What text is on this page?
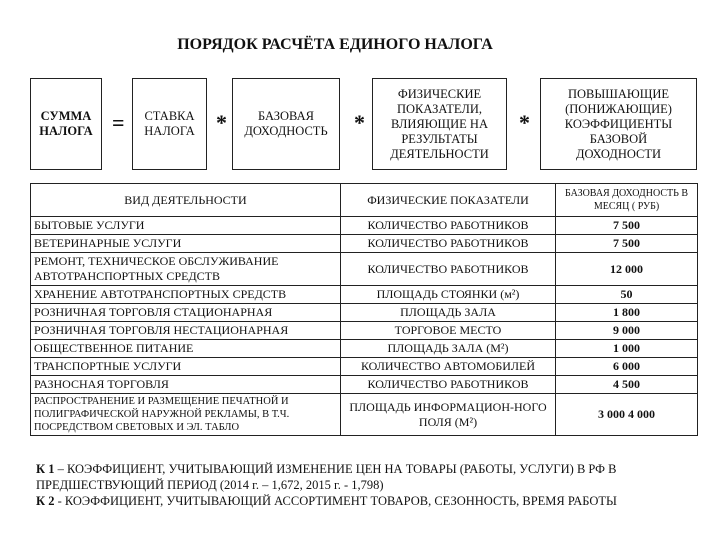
ПОРЯДОК РАСЧЁТА ЕДИНОГО НАЛОГА
СУММА НАЛОГА =	СТАВКА НАЛОГА *	БАЗОВАЯ ДОХОДНОСТЬ	*
ФИЗИЧЕСКИЕ ПОКАЗАТЕЛИ, ВЛИЯЮЩИЕ НА РЕЗУЛЬТАТЫ ДЕЯТЕЛЬНОСТИ
*
ПОВЫШАЮЩИЕ (ПОНИЖАЮЩИЕ) КОЭФФИЦИЕНТЫ БАЗОВОЙ ДОХОДНОСТИ
ВИД ДЕЯТЕЛЬНОСТИ	ФИЗИЧЕСКИЕ ПОКАЗАТЕЛИ	БАЗОВАЯ ДОХОДНОСТЬ В МЕСЯЦ ( РУБ)
БЫТОВЫЕ УСЛУГИ	КОЛИЧЕСТВО РАБОТНИКОВ	7 500
ВЕТЕРИНАРНЫЕ УСЛУГИ	КОЛИЧЕСТВО РАБОТНИКОВ	7 500
РЕМОНТ, ТЕХНИЧЕСКОЕ ОБСЛУЖИВАНИЕ АВТОТРАНСПОРТНЫХ СРЕДСТВ	КОЛИЧЕСТВО РАБОТНИКОВ	12 000
ХРАНЕНИЕ АВТОТРАНСПОРТНЫХ СРЕДСТВ	ПЛОЩАДЬ СТОЯНКИ (м²)	50
РОЗНИЧНАЯ ТОРГОВЛЯ СТАЦИОНАРНАЯ	ПЛОЩАДЬ ЗАЛА	1 800
РОЗНИЧНАЯ ТОРГОВЛЯ НЕСТАЦИОНАРНАЯ	ТОРГОВОЕ МЕСТО	9 000
ОБЩЕСТВЕННОЕ ПИТАНИЕ	ПЛОЩАДЬ ЗАЛА (М²)	1 000
ТРАНСПОРТНЫЕ УСЛУГИ	КОЛИЧЕСТВО АВТОМОБИЛЕЙ	6 000
РАЗНОСНАЯ ТОРГОВЛЯ	КОЛИЧЕСТВО РАБОТНИКОВ	4 500
РАСПРОСТРАНЕНИЕ И РАЗМЕЩЕНИЕ ПЕЧАТНОЙ И ПОЛИГРАФИЧЕСКОЙ НАРУЖНОЙ РЕКЛАМЫ, В Т.Ч. ПОСРЕДСТВОМ СВЕТОВЫХ И ЭЛ. ТАБЛО	ПЛОЩАДЬ ИНФОРМАЦИОН-НОГО ПОЛЯ (М²)	3 000 4 000
К 1 – КОЭФФИЦИЕНТ, УЧИТЫВАЮЩИЙ ИЗМЕНЕНИЕ ЦЕН НА ТОВАРЫ (РАБОТЫ, УСЛУГИ) В РФ В ПРЕДШЕСТВУЮЩИЙ ПЕРИОД (2014 г. – 1,672, 2015 г. - 1,798)
К 2 - КОЭФФИЦИЕНТ, УЧИТЫВАЮЩИЙ АССОРТИМЕНТ ТОВАРОВ, СЕЗОННОСТЬ, ВРЕМЯ РАБОТЫ
